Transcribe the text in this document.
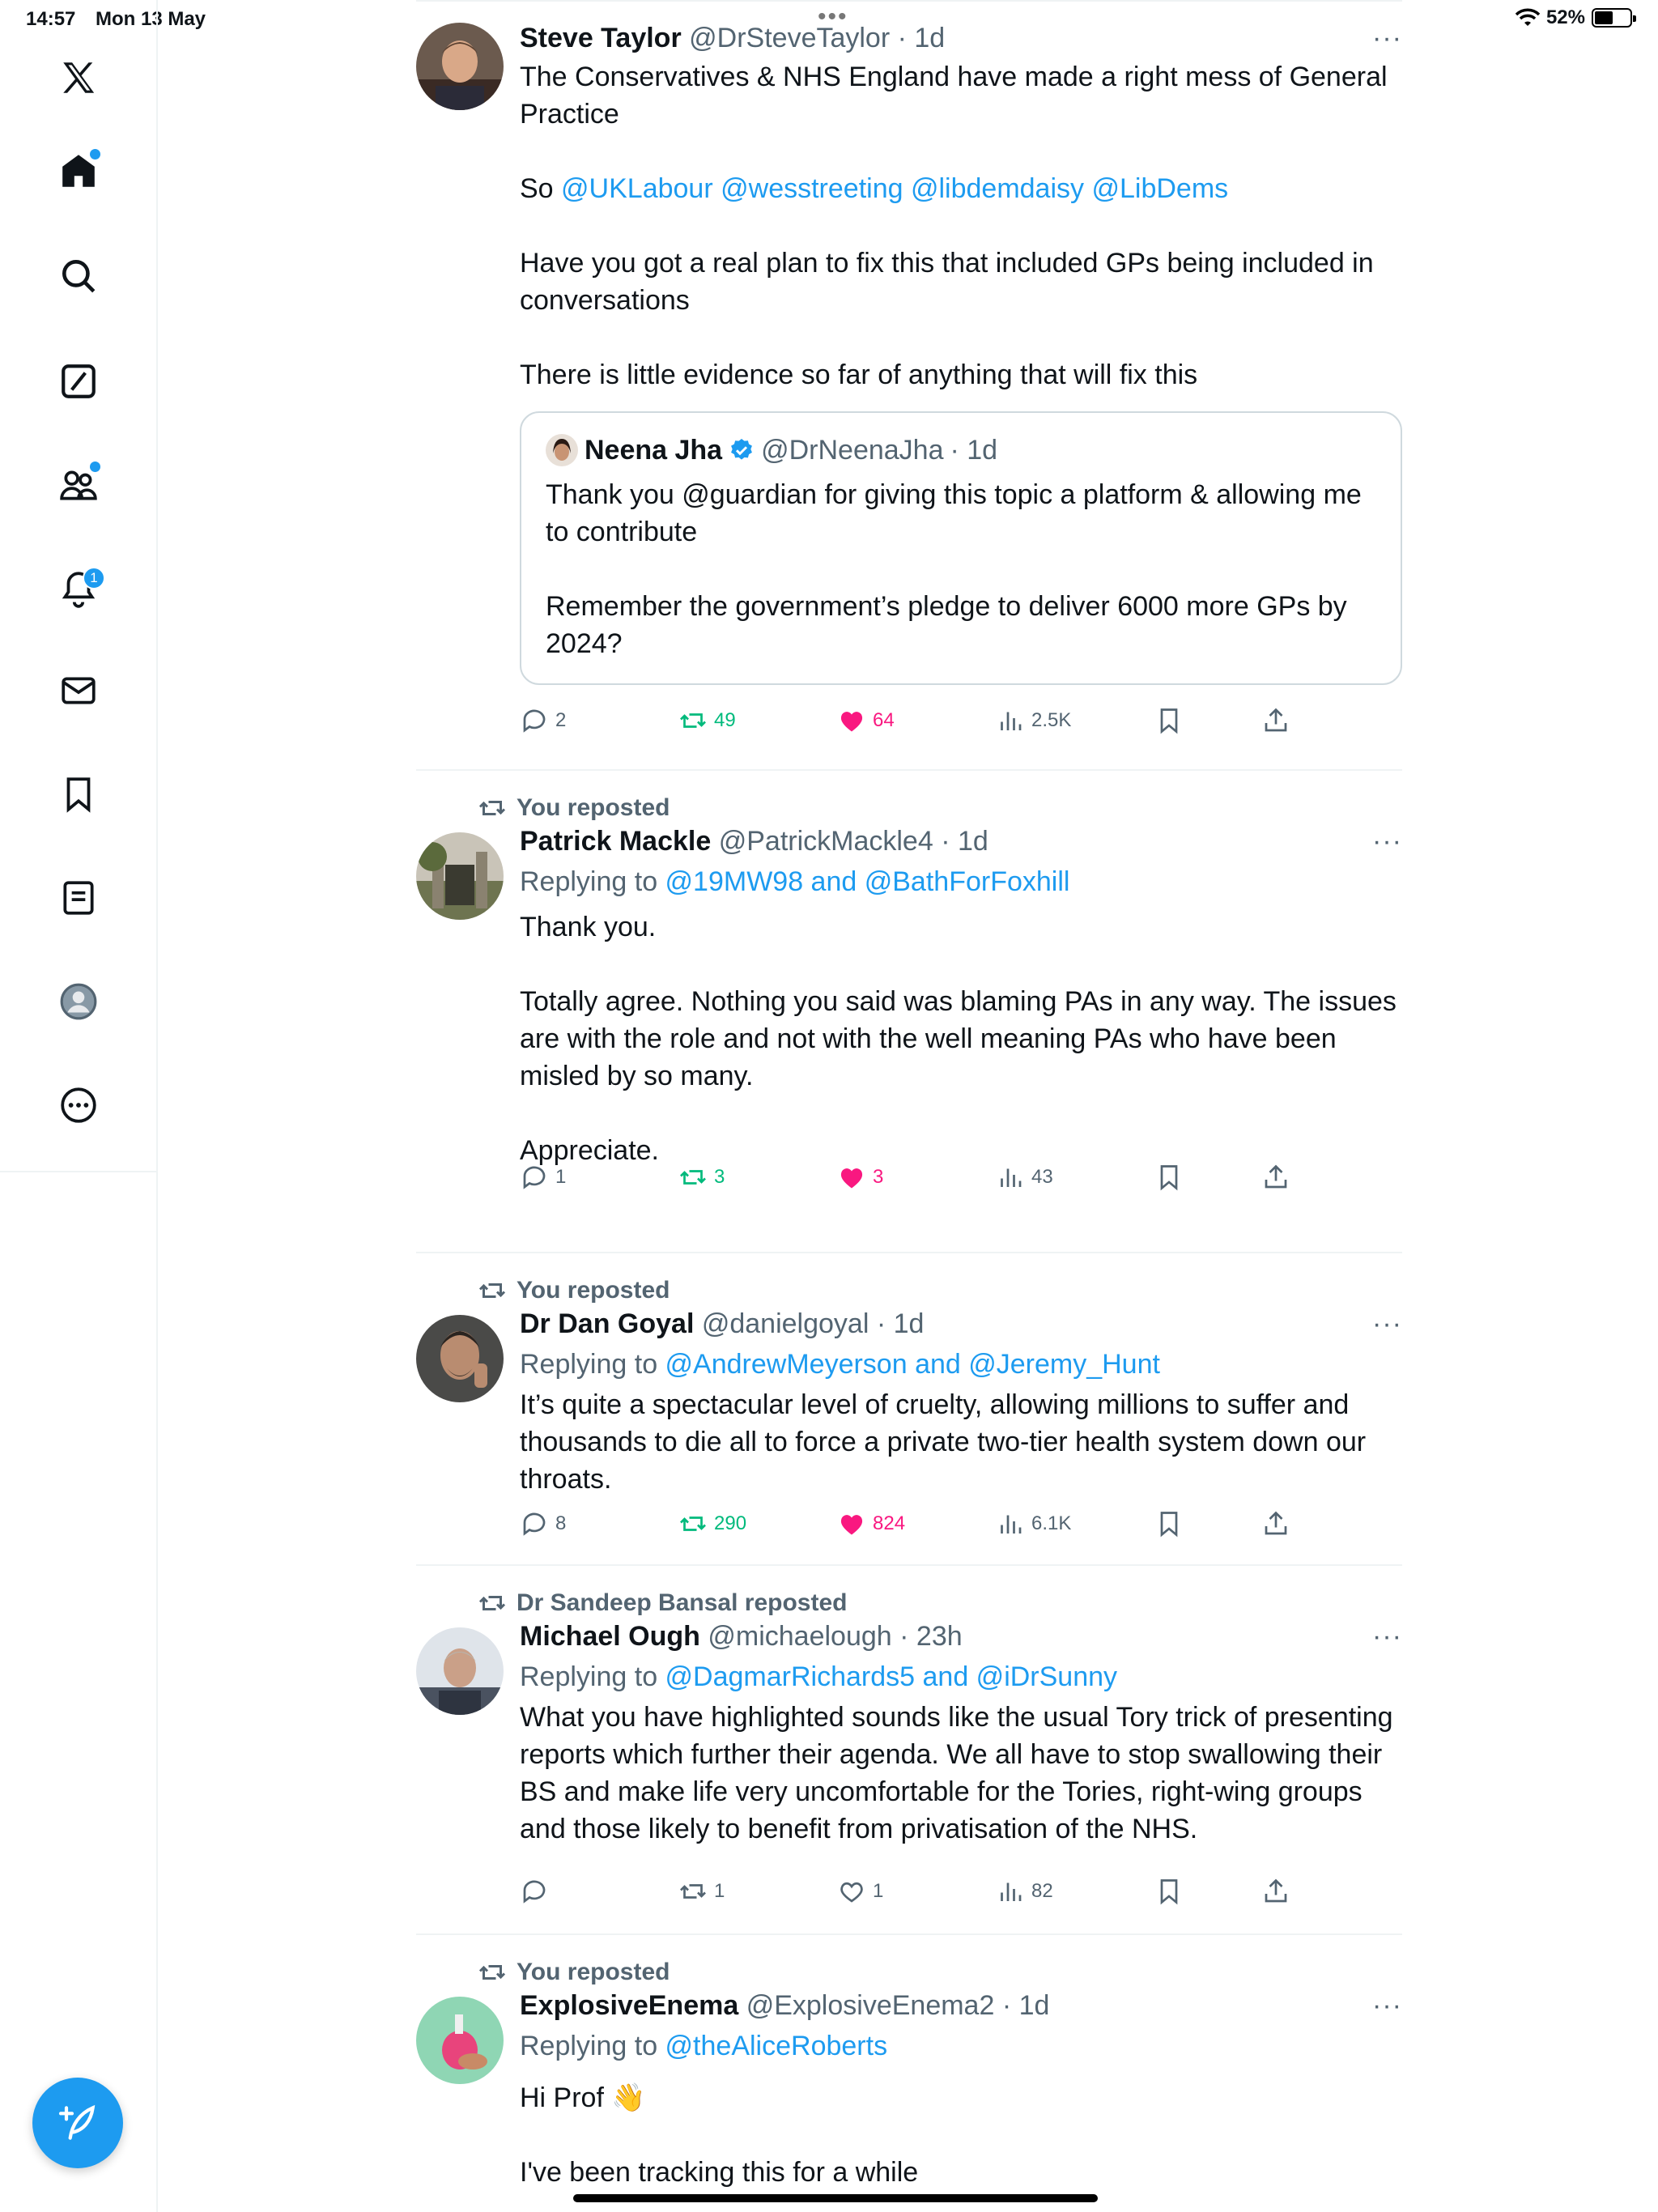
14:57 Mon 13 May	52%
•••
1
Steve Taylor @DrSteveTaylor · 1d	···

The Conservatives & NHS England have made a right mess of General Practice

So @UKLabour @wesstreeting @libdemdaisy @LibDems

Have you got a real plan to fix this that included GPs being included in conversations

There is little evidence so far of anything that will fix this

Neena Jha @DrNeenaJha · 1d

Thank you @guardian for giving this topic a platform & allowing me to contribute

Remember the government’s pledge to deliver 6000 more GPs by 2024?

2	49	64	2.5K
You reposted
Patrick Mackle @PatrickMackle4 · 1d	···
Replying to @19MW98 and @BathForFoxhill

Thank you.

Totally agree. Nothing you said was blaming PAs in any way. The issues are with the role and not with the well meaning PAs who have been misled by so many.

Appreciate.

1	3	3	43
You reposted
Dr Dan Goyal @danielgoyal · 1d	···
Replying to @AndrewMeyerson and @Jeremy_Hunt

It’s quite a spectacular level of cruelty, allowing millions to suffer and thousands to die all to force a private two-tier health system down our throats.

8	290	824	6.1K
Dr Sandeep Bansal reposted
Michael Ough @michaelough · 23h	···
Replying to @DagmarRichards5 and @iDrSunny

What you have highlighted sounds like the usual Tory trick of presenting reports which further their agenda. We all have to stop swallowing their BS and make life very uncomfortable for the Tories, right-wing groups and those likely to benefit from privatisation of the NHS.

1	1	82
You reposted
ExplosiveEnema @ExplosiveEnema2 · 1d	···
Replying to @theAliceRoberts

Hi Prof 👋

I've been tracking this for a while
